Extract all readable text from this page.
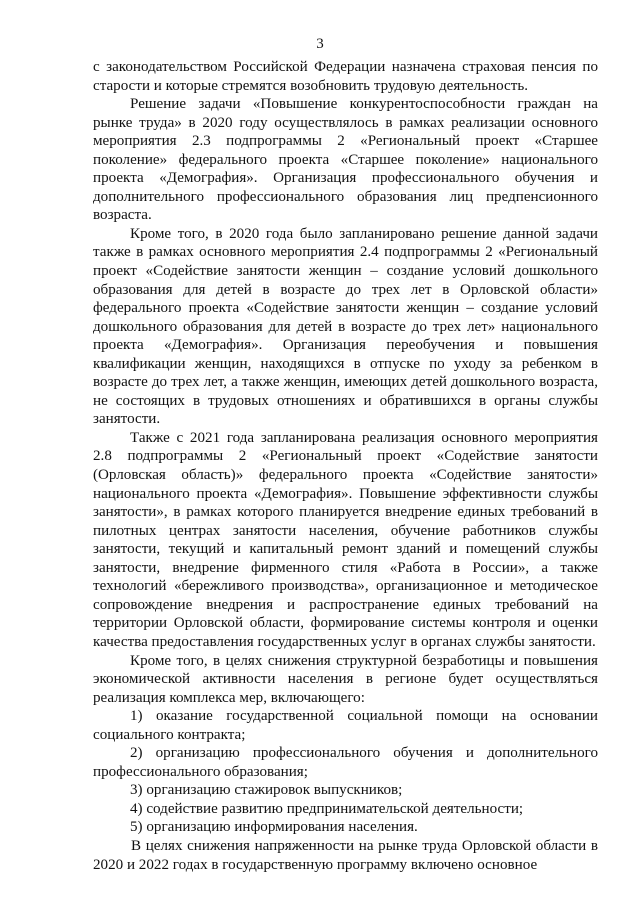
3

с законодательством Российской Федерации назначена страховая пенсия по старости и которые стремятся возобновить трудовую деятельность.

Решение задачи «Повышение конкурентоспособности граждан на рынке труда» в 2020 году осуществлялось в рамках реализации основного мероприятия 2.3 подпрограммы 2 «Региональный проект «Старшее поколение» федерального проекта «Старшее поколение» национального проекта «Демография». Организация профессионального обучения и дополнительного профессионального образования лиц предпенсионного возраста.

Кроме того, в 2020 года было запланировано решение данной задачи также в рамках основного мероприятия 2.4 подпрограммы 2 «Региональный проект «Содействие занятости женщин – создание условий дошкольного образования для детей в возрасте до трех лет в Орловской области» федерального проекта «Содействие занятости женщин – создание условий дошкольного образования для детей в возрасте до трех лет» национального проекта «Демография». Организация переобучения и повышения квалификации женщин, находящихся в отпуске по уходу за ребенком в возрасте до трех лет, а также женщин, имеющих детей дошкольного возраста, не состоящих в трудовых отношениях и обратившихся в органы службы занятости.

Также с 2021 года запланирована реализация основного мероприятия 2.8 подпрограммы 2 «Региональный проект «Содействие занятости (Орловская область)» федерального проекта «Содействие занятости» национального проекта «Демография». Повышение эффективности службы занятости», в рамках которого планируется внедрение единых требований в пилотных центрах занятости населения, обучение работников службы занятости, текущий и капитальный ремонт зданий и помещений службы занятости, внедрение фирменного стиля «Работа в России», а также технологий «бережливого производства», организационное и методическое сопровождение внедрения и распространение единых требований на территории Орловской области, формирование системы контроля и оценки качества предоставления государственных услуг в органах службы занятости.

Кроме того, в целях снижения структурной безработицы и повышения экономической активности населения в регионе будет осуществляться реализация комплекса мер, включающего:

1) оказание государственной социальной помощи на основании социального контракта;

2) организацию профессионального обучения и дополнительного профессионального образования;

3) организацию стажировок выпускников;

4) содействие развитию предпринимательской деятельности;

5) организацию информирования населения.

В целях снижения напряженности на рынке труда Орловской области в 2020 и 2022 годах в государственную программу включено основное
